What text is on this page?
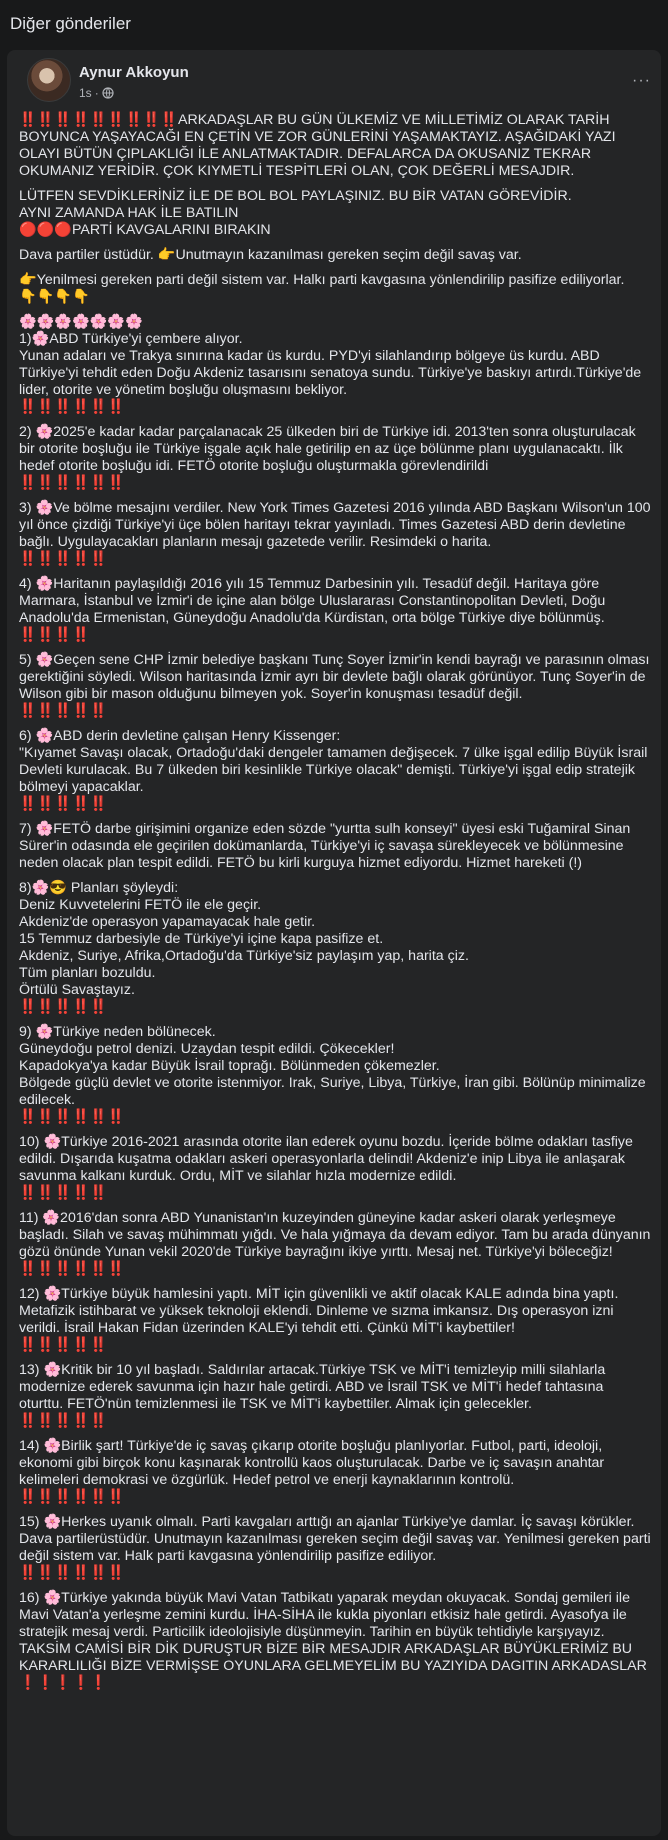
Diğer gönderiler
Aynur Akkoyun
1s ·
···

‼️‼️‼️‼️‼️‼️‼️‼️‼️ARKADAŞLAR BU GÜN ÜLKEMİZ VE MİLLETİMİZ OLARAK TARİH BOYUNCA YAŞAYACAĞI EN ÇETİN VE ZOR GÜNLERİNİ YAŞAMAKTAYIZ. AŞAĞIDAKİ YAZI OLAYI BÜTÜN ÇIPLAKLIĞI İLE ANLATMAKTADIR. DEFALARCA DA OKUSANIZ TEKRAR OKUMANIZ YERİDİR. ÇOK KIYMETLİ TESPİTLERİ OLAN, ÇOK DEĞERLİ MESAJDIR.

LÜTFEN SEVDİKLERİNİZ İLE DE BOL BOL PAYLAŞINIZ. BU BİR VATAN GÖREVİDİR.
AYNI ZAMANDA HAK İLE BATILIN
🔴🔴🔴PARTİ KAVGALARINI BIRAKIN

Dava partiler üstüdür. 👉Unutmayın kazanılması gereken seçim değil savaş var.

👉Yenilmesi gereken parti değil sistem var. Halkı parti kavgasına yönlendirilip pasifize ediliyorlar.
👇👇👇👇

🌸🌸🌸🌸🌸🌸🌸
1)🌸ABD Türkiye'yi çembere alıyor.
Yunan adaları ve Trakya sınırına kadar üs kurdu. PYD'yi silahlandırıp bölgeye üs kurdu. ABD Türkiye'yi tehdit eden Doğu Akdeniz tasarısını senatoya sundu. Türkiye'ye baskıyı artırdı.Türkiye'de lider, otorite ve yönetim boşluğu oluşmasını bekliyor.
‼️‼️‼️‼️‼️‼️

2) 🌸2025'e kadar kadar parçalanacak 25 ülkeden biri de Türkiye idi. 2013'ten sonra oluşturulacak bir otorite boşluğu ile Türkiye işgale açık hale getirilip en az üçe bölünme planı uygulanacaktı. İlk hedef otorite boşluğu idi. FETÖ otorite boşluğu oluşturmakla görevlendirildi
‼️‼️‼️‼️‼️‼️

3) 🌸Ve bölme mesajını verdiler. New York Times Gazetesi 2016 yılında ABD Başkanı Wilson'un 100 yıl önce çizdiği Türkiye'yi üçe bölen haritayı tekrar yayınladı. Times Gazetesi ABD derin devletine bağlı. Uygulayacakları planların mesajı gazetede verilir. Resimdeki o harita.
‼️‼️‼️‼️‼️

4) 🌸Haritanın paylaşıldığı 2016 yılı 15 Temmuz Darbesinin yılı. Tesadüf değil. Haritaya göre Marmara, İstanbul ve İzmir'i de içine alan bölge Uluslararası Constantinopolitan Devleti, Doğu Anadolu'da Ermenistan, Güneydoğu Anadolu'da Kürdistan, orta bölge Türkiye diye bölünmüş.
‼️‼️‼️‼️

5) 🌸Geçen sene CHP İzmir belediye başkanı Tunç Soyer İzmir'in kendi bayrağı ve parasının olması gerektiğini söyledi. Wilson haritasında İzmir ayrı bir devlete bağlı olarak görünüyor. Tunç Soyer'in de Wilson gibi bir mason olduğunu bilmeyen yok. Soyer'in konuşması tesadüf değil.
‼️‼️‼️‼️‼️

6) 🌸ABD derin devletine çalışan Henry Kissenger:
"Kıyamet Savaşı olacak, Ortadoğu'daki dengeler tamamen değişecek. 7 ülke işgal edilip Büyük İsrail Devleti kurulacak. Bu 7 ülkeden biri kesinlikle Türkiye olacak" demişti. Türkiye'yi işgal edip stratejik bölmeyi yapacaklar.
‼️‼️‼️‼️‼️

7) 🌸FETÖ darbe girişimini organize eden sözde "yurtta sulh konseyi" üyesi eski Tuğamiral Sinan Sürer'in odasında ele geçirilen dokümanlarda, Türkiye'yi iç savaşa sürekleyecek ve bölünmesine neden olacak plan tespit edildi. FETÖ bu kirli kurguya hizmet ediyordu. Hizmet hareketi (!)

8)🌸😎 Planları şöyleydi:
Deniz Kuvvetelerini FETÖ ile ele geçir.
Akdeniz'de operasyon yapamayacak hale getir.
15 Temmuz darbesiyle de Türkiye'yi içine kapa pasifize et.
Akdeniz, Suriye, Afrika,Ortadoğu'da Türkiye'siz paylaşım yap, harita çiz.
Tüm planları bozuldu.
Örtülü Savaştayız.
‼️‼️‼️‼️‼️

9) 🌸Türkiye neden bölünecek.
Güneydoğu petrol denizi. Uzaydan tespit edildi. Çökecekler!
Kapadokya'ya kadar Büyük İsrail toprağı. Bölünmeden çökemezler.
Bölgede güçlü devlet ve otorite istenmiyor. Irak, Suriye, Libya, Türkiye, İran gibi. Bölünüp minimalize edilecek.
‼️‼️‼️‼️‼️‼️

10) 🌸Türkiye 2016-2021 arasında otorite ilan ederek oyunu bozdu. İçeride bölme odakları tasfiye edildi. Dışarıda kuşatma odakları askeri operasyonlarla delindi! Akdeniz'e inip Libya ile anlaşarak savunma kalkanı kurduk. Ordu, MİT ve silahlar hızla modernize edildi.
‼️‼️‼️‼️‼️

11) 🌸2016'dan sonra ABD Yunanistan'ın kuzeyinden güneyine kadar askeri olarak yerleşmeye başladı. Silah ve savaş mühimmatı yığdı. Ve hala yığmaya da devam ediyor. Tam bu arada dünyanın gözü önünde Yunan vekil 2020'de Türkiye bayrağını ikiye yırttı. Mesaj net. Türkiye'yi böleceğiz!
‼️‼️‼️‼️‼️‼️

12) 🌸Türkiye büyük hamlesini yaptı. MİT için güvenlikli ve aktif olacak KALE adında bina yaptı. Metafizik istihbarat ve yüksek teknoloji eklendi. Dinleme ve sızma imkansız. Dış operasyon izni verildi. İsrail Hakan Fidan üzerinden KALE'yi tehdit etti. Çünkü MİT'i kaybettiler!
‼️‼️‼️‼️‼️

13) 🌸Kritik bir 10 yıl başladı. Saldırılar artacak.Türkiye TSK ve MİT'i temizleyip milli silahlarla modernize ederek savunma için hazır hale getirdi. ABD ve İsrail TSK ve MİT'i hedef tahtasına oturttu. FETÖ'nün temizlenmesi ile TSK ve MİT'i kaybettiler. Almak için gelecekler.
‼️‼️‼️‼️‼️

14) 🌸Birlik şart! Türkiye'de iç savaş çıkarıp otorite boşluğu planlıyorlar. Futbol, parti, ideoloji, ekonomi gibi birçok konu kaşınarak kontrollü kaos oluşturulacak. Darbe ve iç savaşın anahtar kelimeleri demokrasi ve özgürlük. Hedef petrol ve enerji kaynaklarının kontrolü.
‼️‼️‼️‼️‼️‼️

15) 🌸Herkes uyanık olmalı. Parti kavgaları arttığı an ajanlar Türkiye'ye damlar. İç savaşı körükler. Dava partilerüstüdür. Unutmayın kazanılması gereken seçim değil savaş var. Yenilmesi gereken parti değil sistem var. Halk parti kavgasına yönlendirilip pasifize ediliyor.
‼️‼️‼️‼️‼️‼️

16) 🌸Türkiye yakında büyük Mavi Vatan Tatbikatı yaparak meydan okuyacak. Sondaj gemileri ile Mavi Vatan'a yerleşme zemini kurdu. İHA-SİHA ile kukla piyonları etkisiz hale getirdi. Ayasofya ile stratejik mesaj verdi. Particilik ideolojisiyle düşünmeyin. Tarihin en büyük tehtidiyle karşıyayız.
TAKSİM CAMİSİ BİR DİK DURUŞTUR BİZE BİR MESAJDIR ARKADAŞLAR BÜYÜKLERİMİZ BU KARARLILIĞI BİZE VERMİŞSE OYUNLARA GELMEYELİM BU YAZIYIDA DAGITIN ARKADASLAR ❗❗❗❗❗
